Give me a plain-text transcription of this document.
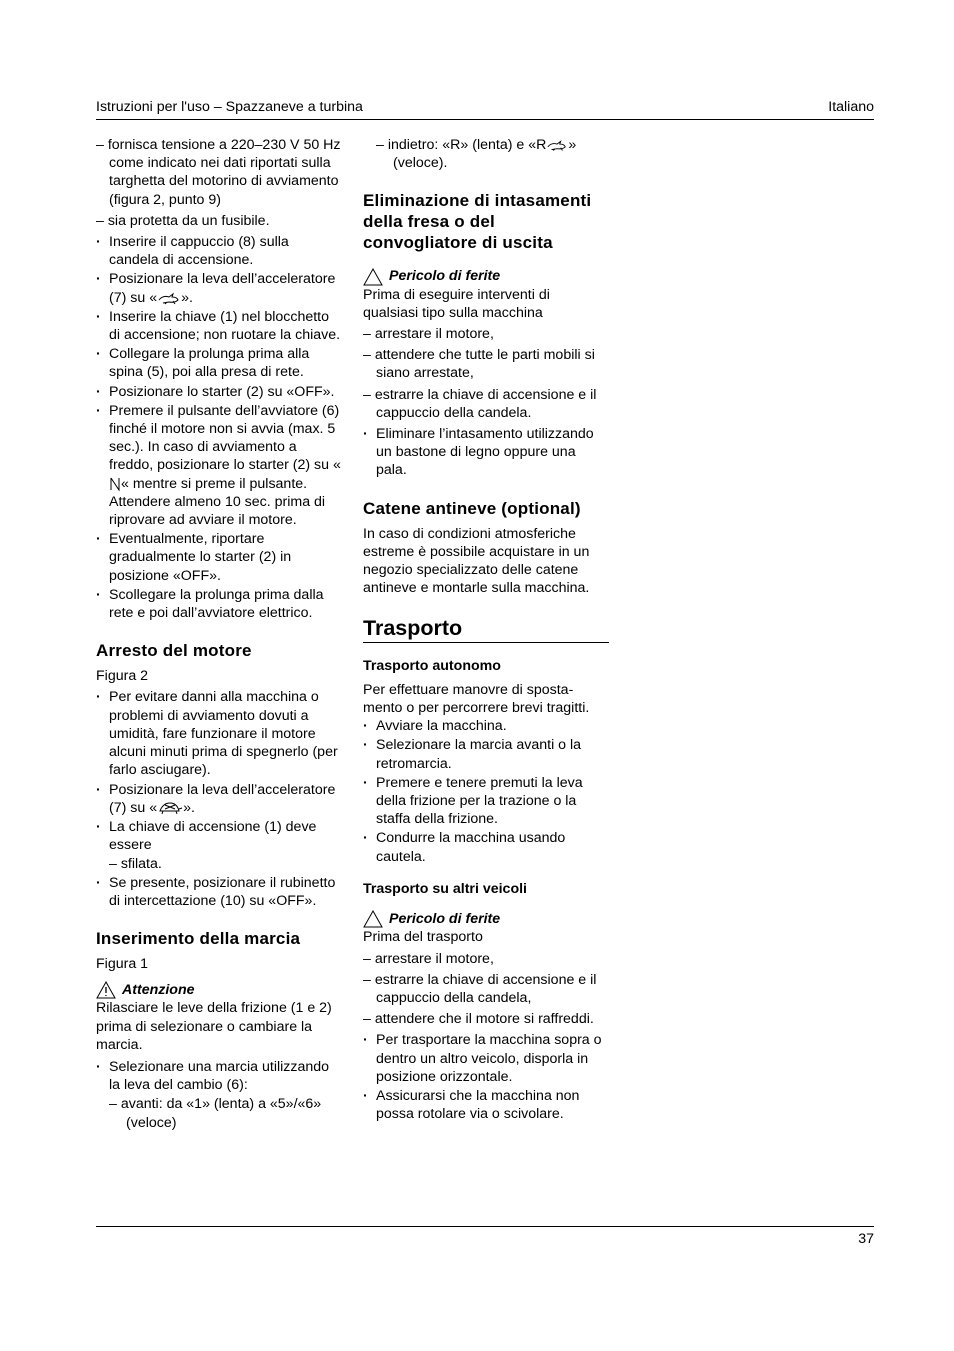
Istruzioni per l'uso – Spazzaneve a turbina	Italiano

– fornisca tensione a 220–230 V 50 Hz come indicato nei dati riportati sulla targhetta del motorino di avviamento (figura 2, punto 9)

– sia protetta da un fusibile.

· Inserire il cappuccio (8) sulla candela di accensione.

· Posizionare la leva dell’acceleratore (7) su « ».

· Inserire la chiave (1) nel blocchetto di accensione; non ruotare la chiave.

· Collegare la prolunga prima alla spina (5), poi alla presa di rete.

· Posizionare lo starter (2) su «OFF».

· Premere il pulsante dell’avviatore (6) finché il motore non si avvia (max. 5 sec.). In caso di avviamento a freddo, posizionare lo starter (2) su «« mentre si preme il pulsante. Attendere almeno 10 sec. prima di riprovare ad avviare il motore.

· Eventualmente, riportare gradualmente lo starter (2) in posizione «OFF».

· Scollegare la prolunga prima dalla rete e poi dall’avviatore elettrico.

Arresto del motore

Figura 2

· Per evitare danni alla macchina o problemi di avviamento dovuti a umidità, fare funzionare il motore alcuni minuti prima di spegnerlo (per farlo asciugare).

· Posizionare la leva dell’acceleratore (7) su « ».

· La chiave di accensione (1) deve essere

– sfilata.

· Se presente, posizionare il rubinetto di intercettazione (10) su «OFF».

Inserimento della marcia

Figura 1

Attenzione

Rilasciare le leve della frizione (1 e 2) prima di selezionare o cambiare la marcia.

· Selezionare una marcia utilizzando la leva del cambio (6):

– avanti: da «1» (lenta) a «5»/«6» (veloce)

– indietro: «R» (lenta) e «R » (veloce).

Eliminazione di intasamenti della fresa o del convogliatore di uscita

Pericolo di ferite

Prima di eseguire interventi di qualsiasi tipo sulla macchina

– arrestare il motore,

– attendere che tutte le parti mobili si siano arrestate,

– estrarre la chiave di accensione e il cappuccio della candela.

· Eliminare l’intasamento utilizzando un bastone di legno oppure una pala.

Catene antineve (optional)

In caso di condizioni atmosferiche estreme è possibile acquistare in un negozio specializzato delle catene antineve e montarle sulla macchina.

Trasporto
Trasporto autonomo

Per effettuare manovre di sposta-mento o per percorrere brevi tragitti.

· Avviare la macchina.

· Selezionare la marcia avanti o la retromarcia.

· Premere e tenere premuti la leva della frizione per la trazione o la staffa della frizione.

· Condurre la macchina usando cautela.

Trasporto su altri veicoli

Pericolo di ferite

Prima del trasporto

– arrestare il motore,

– estrarre la chiave di accensione e il cappuccio della candela,

– attendere che il motore si raffreddi.

· Per trasportare la macchina sopra o dentro un altro veicolo, disporla in posizione orizzontale.

· Assicurarsi che la macchina non possa rotolare via o scivolare.

37
